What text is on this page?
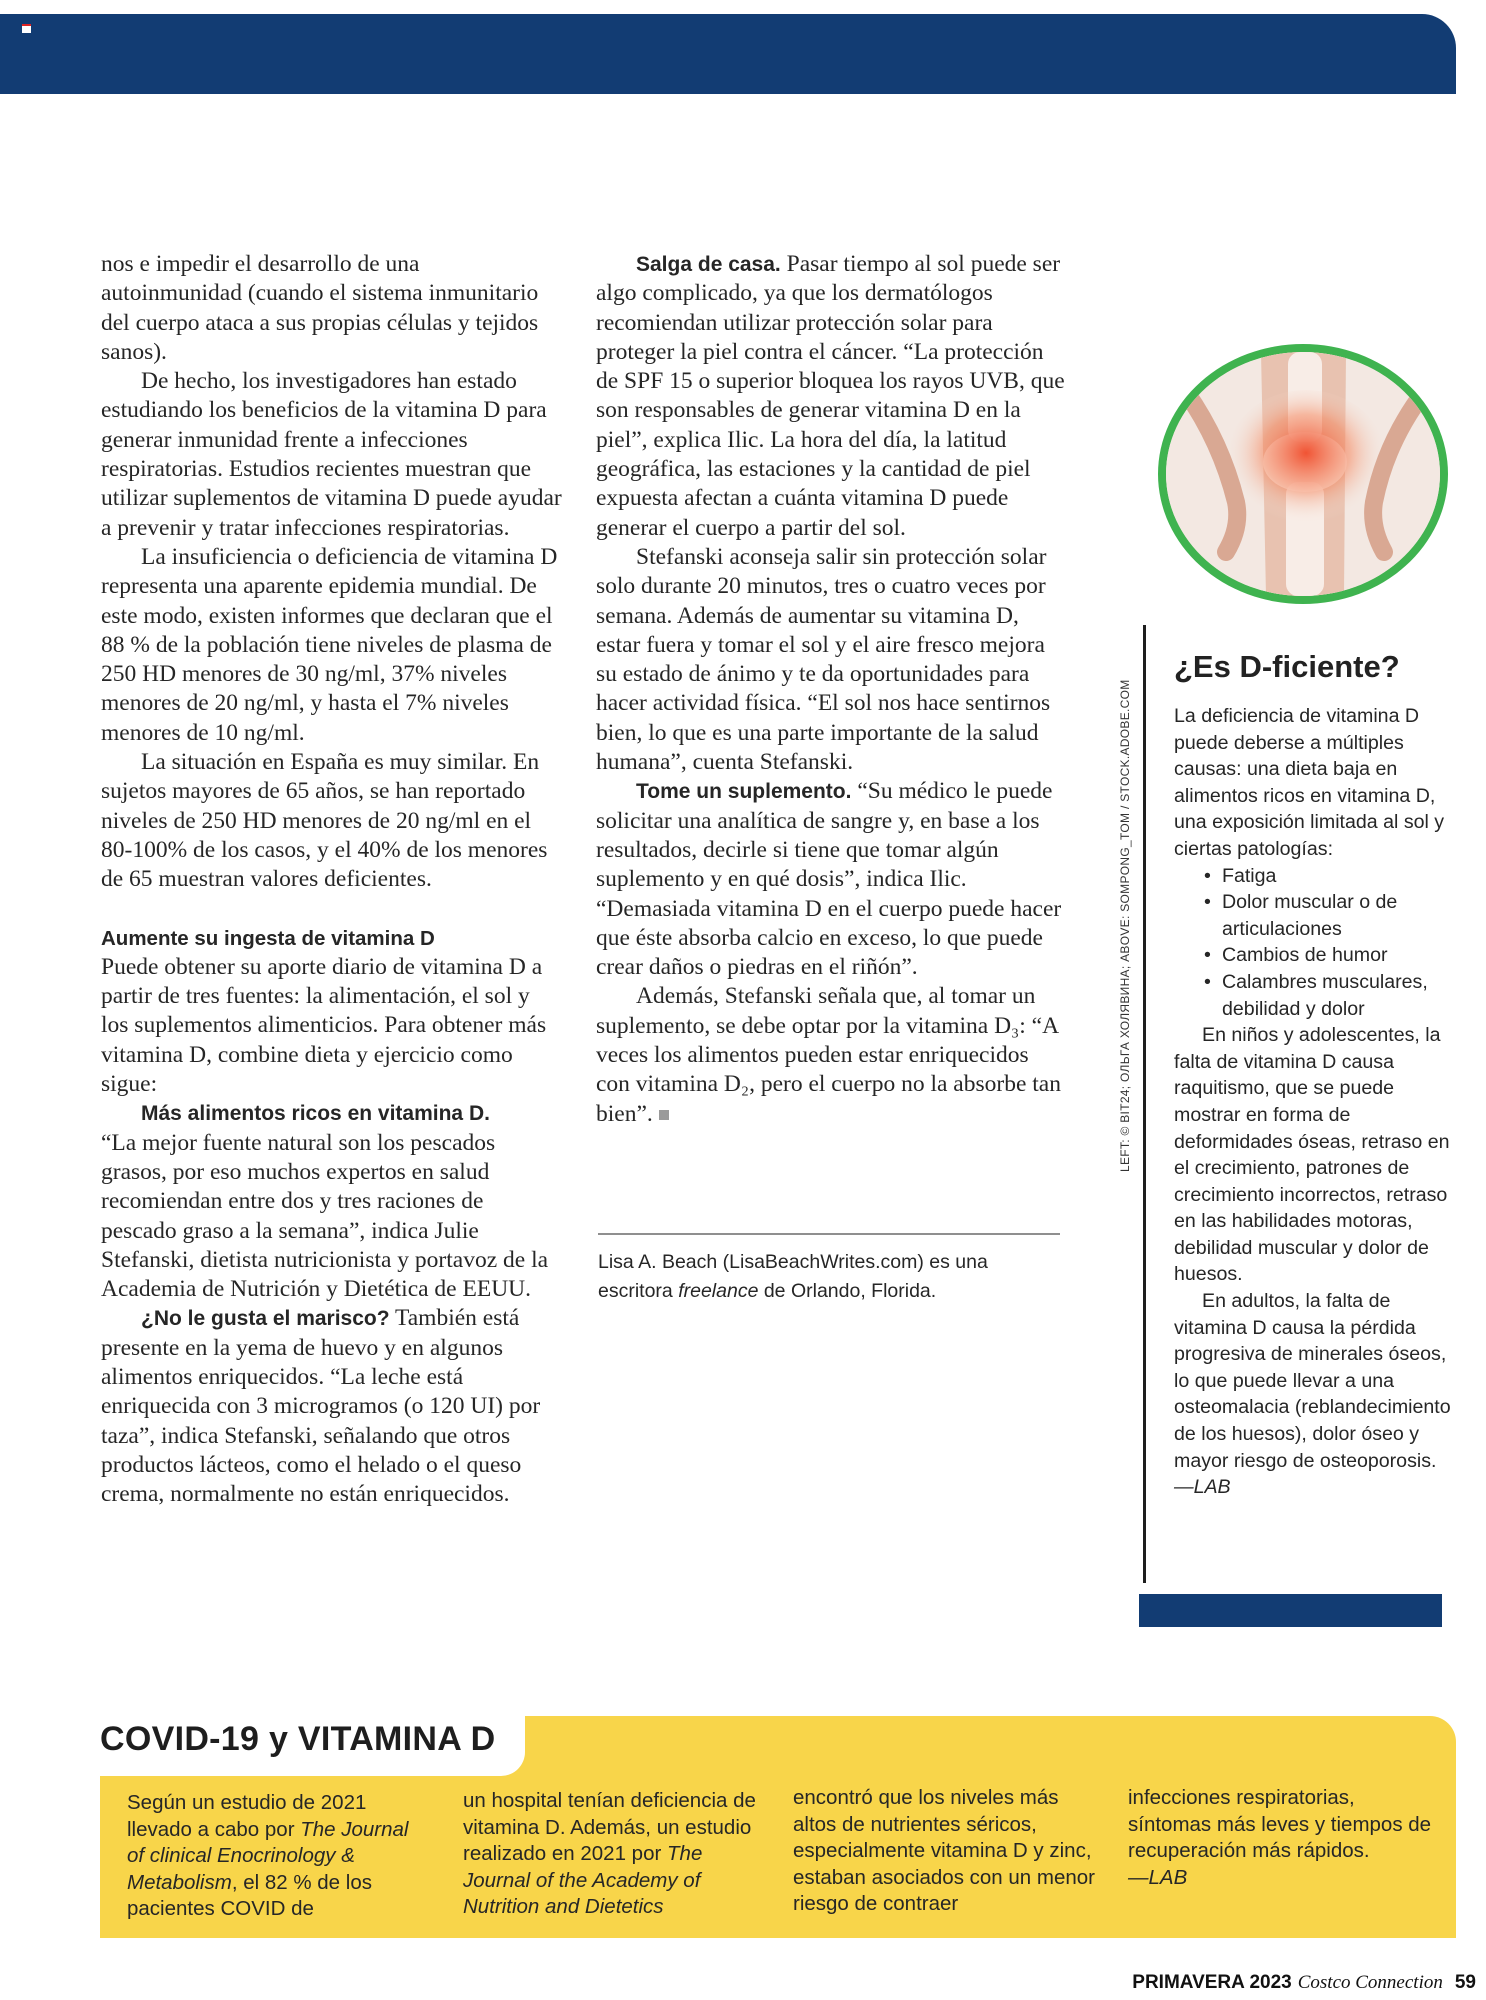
nos e impedir el desarrollo de una autoinmunidad (cuando el sistema inmunitario del cuerpo ataca a sus propias células y tejidos sanos).

De hecho, los investigadores han estado estudiando los beneficios de la vitamina D para generar inmunidad frente a infecciones respiratorias. Estudios recientes muestran que utilizar suplementos de vitamina D puede ayudar a prevenir y tratar infecciones respiratorias.

La insuficiencia o deficiencia de vitamina D representa una aparente epidemia mundial. De este modo, existen informes que declaran que el 88 % de la población tiene niveles de plasma de 250 HD menores de 30 ng/ml, 37% niveles menores de 20 ng/ml, y hasta el 7% niveles menores de 10 ng/ml.

La situación en España es muy similar. En sujetos mayores de 65 años, se han reportado niveles de 250 HD menores de 20 ng/ml en el 80-100% de los casos, y el 40% de los menores de 65 muestran valores deficientes.

Aumente su ingesta de vitamina D

Puede obtener su aporte diario de vitamina D a partir de tres fuentes: la alimentación, el sol y los suplementos alimenticios. Para obtener más vitamina D, combine dieta y ejercicio como sigue:

Más alimentos ricos en vitamina D.
“La mejor fuente natural son los pescados grasos, por eso muchos expertos en salud recomiendan entre dos y tres raciones de pescado graso a la semana”, indica Julie Stefanski, dietista nutricionista y portavoz de la Academia de Nutrición y Dietética de EEUU.

¿No le gusta el marisco? También está presente en la yema de huevo y en algunos alimentos enriquecidos. “La leche está enriquecida con 3 microgramos (o 120 UI) por taza”, indica Stefanski, señalando que otros productos lácteos, como el helado o el queso crema, normalmente no están enriquecidos.

Salga de casa. Pasar tiempo al sol puede ser algo complicado, ya que los dermatólogos recomiendan utilizar protección solar para proteger la piel contra el cáncer. “La protección de SPF 15 o superior bloquea los rayos UVB, que son responsables de generar vitamina D en la piel”, explica Ilic. La hora del día, la latitud geográfica, las estaciones y la cantidad de piel expuesta afectan a cuánta vitamina D puede generar el cuerpo a partir del sol.

Stefanski aconseja salir sin protección solar solo durante 20 minutos, tres o cuatro veces por semana. Además de aumentar su vitamina D, estar fuera y tomar el sol y el aire fresco mejora su estado de ánimo y te da oportunidades para hacer actividad física. “El sol nos hace sentirnos bien, lo que es una parte importante de la salud humana”, cuenta Stefanski.

Tome un suplemento. “Su médico le puede solicitar una analítica de sangre y, en base a los resultados, decirle si tiene que tomar algún suplemento y en qué dosis”, indica Ilic. “Demasiada vitamina D en el cuerpo puede hacer que éste absorba calcio en exceso, lo que puede crear daños o piedras en el riñón”.

Además, Stefanski señala que, al tomar un suplemento, se debe optar por la vitamina D₃: “A veces los alimentos pueden estar enriquecidos con vitamina D₂, pero el cuerpo no la absorbe tan bien”.

Lisa A. Beach (LisaBeachWrites.com) es una escritora freelance de Orlando, Florida.
LEFT: © BIT24; ОЛЬГА ХОЛЯВИНА; ABOVE: SOMPONG_TOM / STOCK.ADOBE.COM
¿Es D-ficiente?

La deficiencia de vitamina D puede deberse a múltiples causas: una dieta baja en alimentos ricos en vitamina D, una exposición limitada al sol y ciertas patologías:

• Fatiga
• Dolor muscular o de articulaciones
• Cambios de humor
• Calambres musculares, debilidad y dolor

En niños y adolescentes, la falta de vitamina D causa raquitismo, que se puede mostrar en forma de deformidades óseas, retraso en el crecimiento, patrones de crecimiento incorrectos, retraso en las habilidades motoras, debilidad muscular y dolor de huesos.

En adultos, la falta de vitamina D causa la pérdida progresiva de minerales óseos, lo que puede llevar a una osteomalacia (reblandecimiento de los huesos), dolor óseo y mayor riesgo de osteoporosis.—LAB

COVID-19 y VITAMINA D
Según un estudio de 2021 llevado a cabo por The Journal of clinical Enocrinology & Metabolism, el 82 % de los pacientes COVID de
un hospital tenían deficiencia de vitamina D. Además, un estudio realizado en 2021 por The Journal of the Academy of Nutrition and Dietetics
encontró que los niveles más altos de nutrientes séricos, especialmente vitamina D y zinc, estaban asociados con un menor riesgo de contraer
infecciones respiratorias, síntomas más leves y tiempos de recuperación más rápidos.
—LAB
PRIMAVERA 2023 Costco Connection 59
